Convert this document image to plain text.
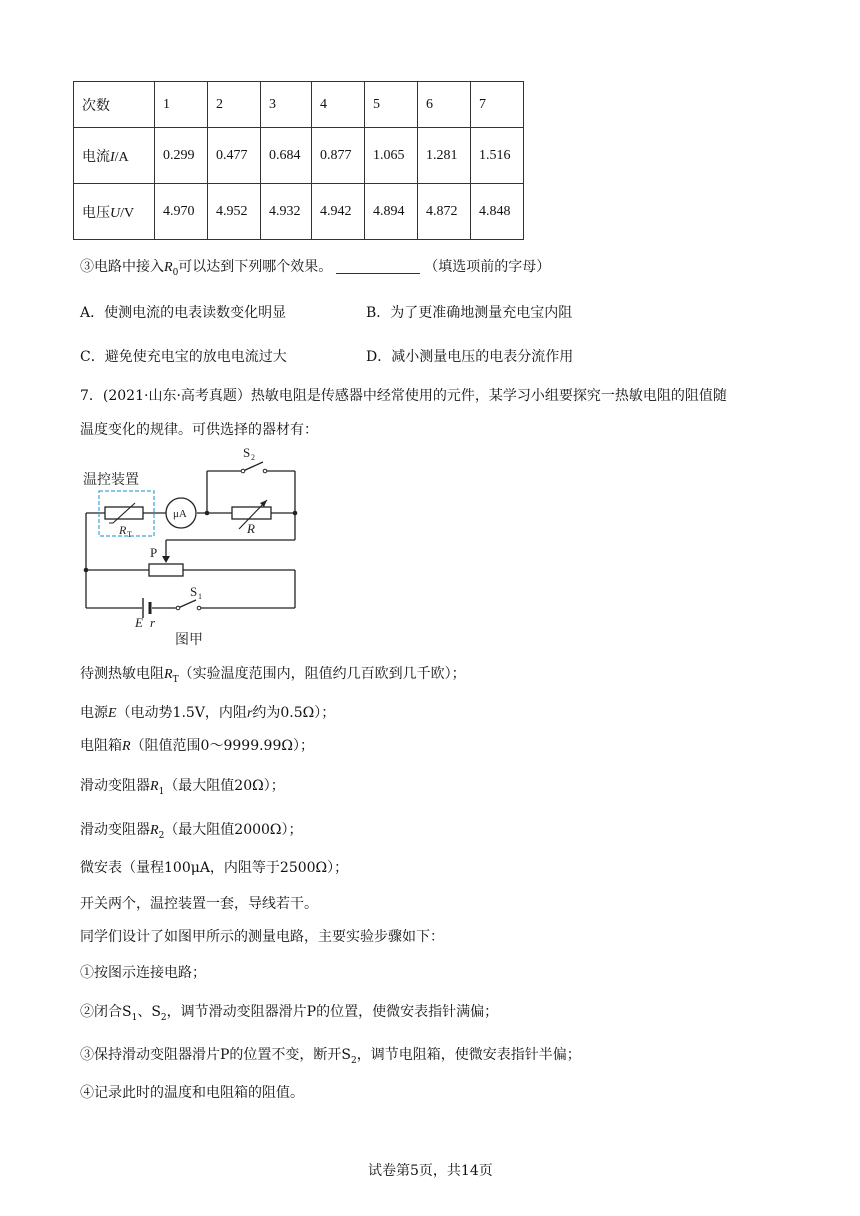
次数	1	2	3	4	5	6	7
电流I/A	0.299	0.477	0.684	0.877	1.065	1.281	1.516
电压U/V	4.970	4.952	4.932	4.942	4.894	4.872	4.848
③电路中接入$R_0$可以达到下列哪个效果。	（填选项前的字母）
A．使测电流的电表读数变化明显	B．为了更准确地测量充电宝内阻
C．避免使充电宝的放电电流过大	D．减小测量电压的电表分流作用
7．(2021·山东·高考真题）热敏电阻是传感器中经常使用的元件，某学习小组要探究一热敏电阻的阻值随
温度变化的规律。可供选择的器材有：
温控装置
R T
μA
R
S 2
P
S 1
E r
图甲
待测热敏电阻$R_T$（实验温度范围内，阻值约几百欧到几千欧）；
电源E（电动势1.5V，内阻r约为0.5Ω）；
电阻箱R（阻值范围0～9999.99Ω）；
滑动变阻器$R_1$（最大阻值20Ω）；
滑动变阻器$R_2$（最大阻值2000Ω）；
微安表（量程100μA，内阻等于2500Ω）；
开关两个，温控装置一套，导线若干。
同学们设计了如图甲所示的测量电路，主要实验步骤如下：
①按图示连接电路；
②闭合$S_1$、$S_2$，调节滑动变阻器滑片P的位置，使微安表指针满偏；
③保持滑动变阻器滑片P的位置不变，断开$S_2$，调节电阻箱，使微安表指针半偏；
④记录此时的温度和电阻箱的阻值。
试卷第5页，共14页
